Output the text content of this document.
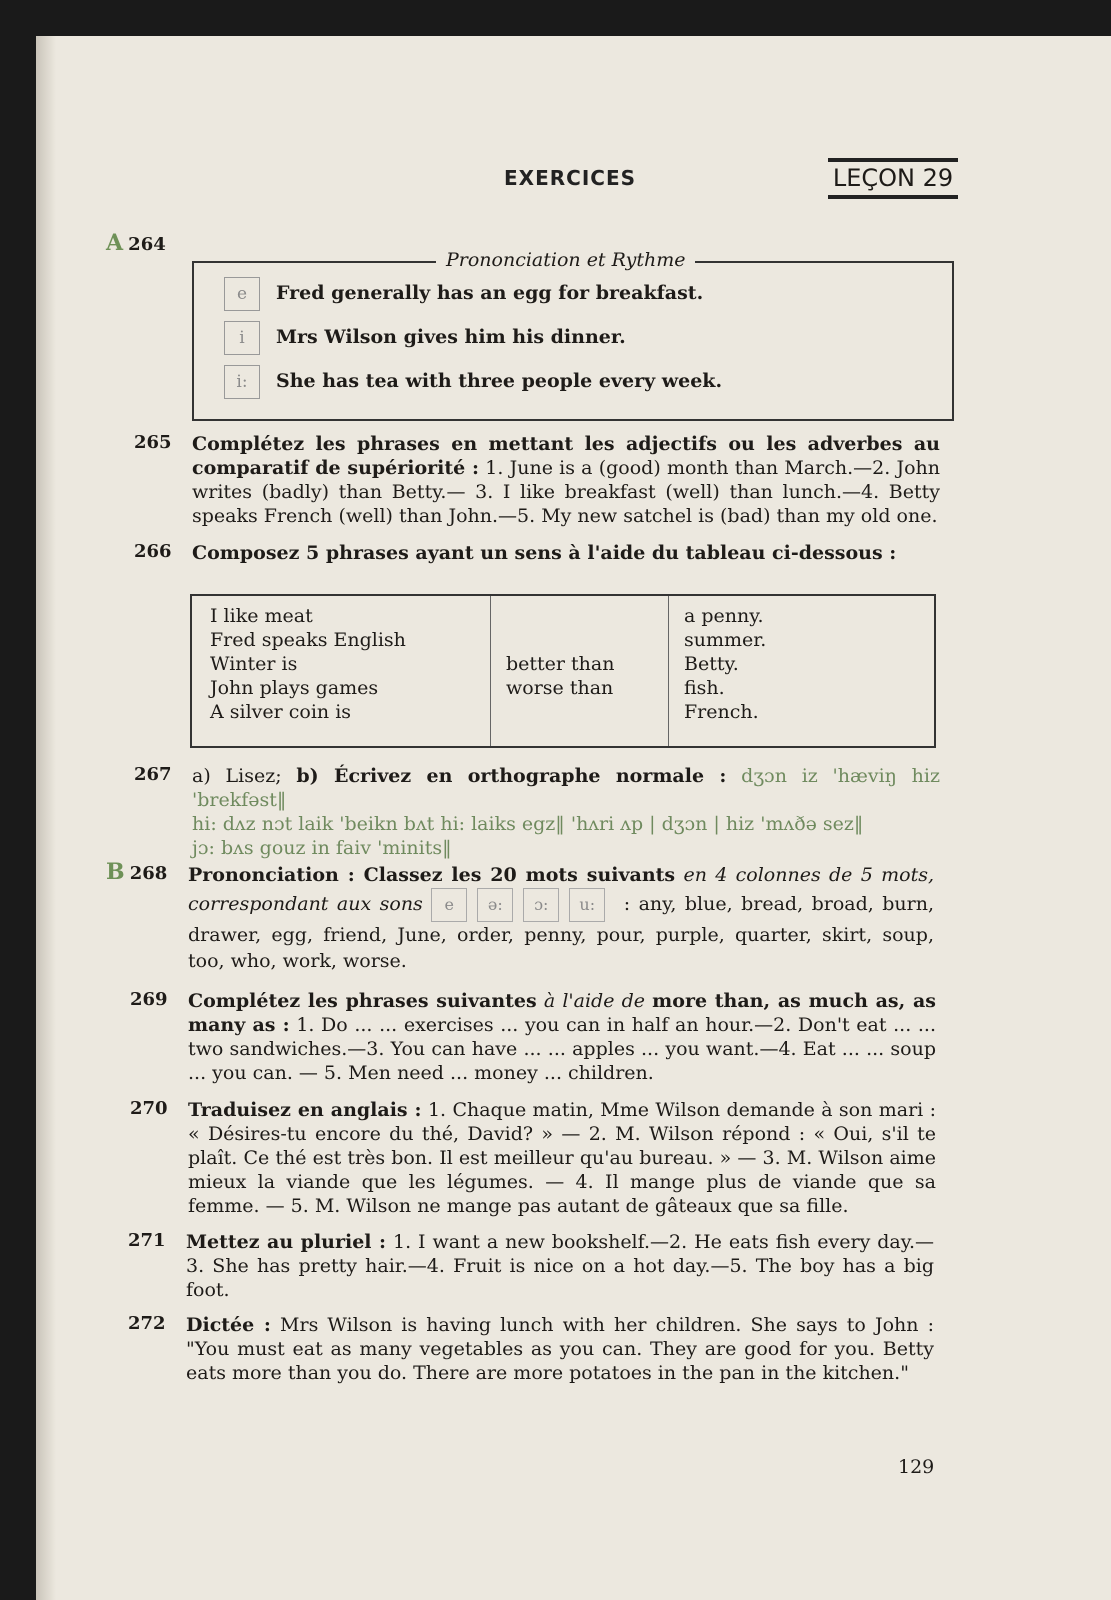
EXERCICES	LEÇON 29
A 264
Prononciation et Rythme
e Fred generally has an egg for breakfast.
i Mrs Wilson gives him his dinner.
i: She has tea with three people every week.
265 Complétez les phrases en mettant les adjectifs ou les adverbes au comparatif de supériorité : 1. June is a (good) month than March.—2. John writes (badly) than Betty.— 3. I like breakfast (well) than lunch.—4. Betty speaks French (well) than John.—5. My new satchel is (bad) than my old one.
266 Composez 5 phrases ayant un sens à l'aide du tableau ci-dessous :
I like meat
Fred speaks English
Winter is
John plays games
A silver coin is
better than
worse than
a penny.
summer.
Betty.
fish.
French.
267 a) Lisez; b) Écrivez en orthographe normale : dʒɔn iz 'hæviŋ hiz 'brekfəst‖
hi: dʌz nɔt laik 'beikn bʌt hi: laiks egz‖ 'hʌri ʌp | dʒɔn | hiz 'mʌðə sez‖
jɔ: bʌs gouz in faiv 'minits‖
B 268 Prononciation : Classez les 20 mots suivants en 4 colonnes de 5 mots, correspondant aux sons e ə: ɔ: u: : any, blue, bread, broad, burn, drawer, egg, friend, June, order, penny, pour, purple, quarter, skirt, soup, too, who, work, worse.
269 Complétez les phrases suivantes à l'aide de more than, as much as, as many as : 1. Do ... ... exercises ... you can in half an hour.—2. Don't eat ... ... two sandwiches.—3. You can have ... ... apples ... you want.—4. Eat ... ... soup ... you can. — 5. Men need ... money ... children.
270 Traduisez en anglais : 1. Chaque matin, Mme Wilson demande à son mari : « Désires-tu encore du thé, David? » — 2. M. Wilson répond : « Oui, s'il te plaît. Ce thé est très bon. Il est meilleur qu'au bureau. » — 3. M. Wilson aime mieux la viande que les légumes. — 4. Il mange plus de viande que sa femme. — 5. M. Wilson ne mange pas autant de gâteaux que sa fille.
271 Mettez au pluriel : 1. I want a new bookshelf.—2. He eats fish every day.— 3. She has pretty hair.—4. Fruit is nice on a hot day.—5. The boy has a big foot.
272 Dictée : Mrs Wilson is having lunch with her children. She says to John : "You must eat as many vegetables as you can. They are good for you. Betty eats more than you do. There are more potatoes in the pan in the kitchen."
129
